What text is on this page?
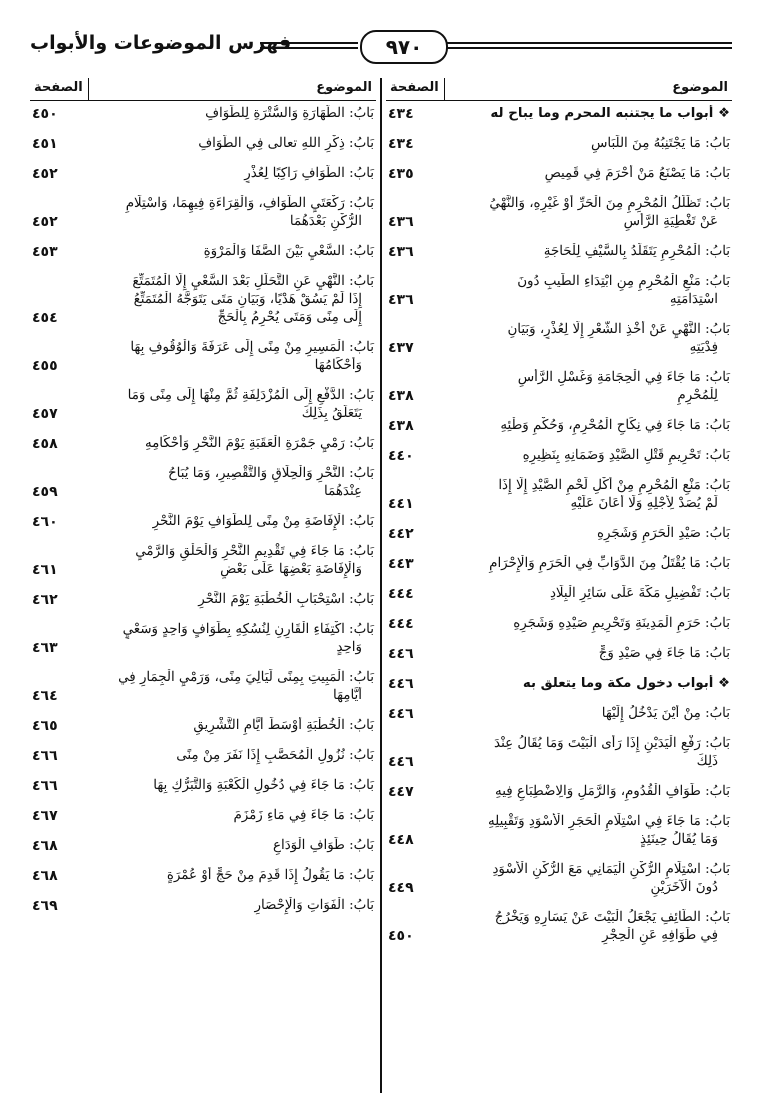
فهرس الموضوعات والأبواب	٩٧٠
الموضوع
الصفحة
❖ أبواب ما يجتنبه المحرم وما يباح له
٤٣٤
بَابُ: مَا يَجْتَنِبُهُ مِنَ اللِّبَاسِ
٤٣٤
بَابُ: مَا يَصْنَعُ مَنْ أَحْرَمَ فِي قَمِيصٍ
٤٣٥
بَابُ: تَظَلُّلُ الْمُحْرِمِ مِنَ الْحَرِّ أَوْ غَيْرِهِ، وَالنَّهْيُ
عَنْ تَغْطِيَةِ الرَّأْسِ
٤٣٦
بَابُ: الْمُحْرِمِ يَتَقَلَّدُ بِالسَّيْفِ لِلْحَاجَةِ
٤٣٦
بَابُ: مَنْعِ الْمُحْرِمِ مِنِ ابْتِدَاءِ الطِّيبِ دُونَ
اسْتِدَامَتِهِ
٤٣٦
بَابُ: النَّهْيِ عَنْ أَخْذِ الشَّعْرِ إِلَّا لِعُذْرٍ، وَبَيَانِ
فِدْيَتِهِ
٤٣٧
بَابُ: مَا جَاءَ فِي الْحِجَامَةِ وَغَسْلِ الرَّأْسِ
لِلْمُحْرِمِ
٤٣٨
بَابُ: مَا جَاءَ فِي نِكَاحِ الْمُحْرِمِ، وَحُكْمِ وَطْئِهِ
٤٣٨
بَابُ: تَحْرِيمِ قَتْلِ الصَّيْدِ وَضَمَانِهِ بِنَظِيرِهِ
٤٤٠
بَابُ: مَنْعِ الْمُحْرِمِ مِنْ أَكْلِ لَحْمِ الصَّيْدِ إِلَّا إِذَا
لَمْ يُصَدْ لِأَجْلِهِ وَلَا أَعَانَ عَلَيْهِ
٤٤١
بَابُ: صَيْدِ الْحَرَمِ وَشَجَرِهِ
٤٤٢
بَابُ: مَا يُقْتَلُ مِنَ الدَّوَابِّ فِي الْحَرَمِ وَالْإِحْرَامِ
٤٤٣
بَابُ: تَفْضِيلِ مَكَّةَ عَلَى سَائِرِ الْبِلَادِ
٤٤٤
بَابُ: حَرَمِ الْمَدِينَةِ وَتَحْرِيمِ صَيْدِهِ وَشَجَرِهِ
٤٤٤
بَابُ: مَا جَاءَ فِي صَيْدِ وَجٍّ
٤٤٦
❖ أبواب دخول مكة وما يتعلق به
٤٤٦
بَابُ: مِنْ أَيْنَ يَدْخُلُ إِلَيْهَا
٤٤٦
بَابُ: رَفْعِ الْيَدَيْنِ إِذَا رَأَى الْبَيْتَ وَمَا يُقَالُ عِنْدَ
ذَلِكَ
٤٤٦
بَابُ: طَوَافِ الْقُدُومِ، وَالرَّمَلِ وَالِاضْطِبَاعِ فِيهِ
٤٤٧
بَابُ: مَا جَاءَ فِي اسْتِلَامِ الْحَجَرِ الْأَسْوَدِ وَتَقْبِيلِهِ
وَمَا يُقَالُ حِينَئِذٍ
٤٤٨
بَابُ: اسْتِلَامِ الرُّكْنِ الْيَمَانِي مَعَ الرُّكْنِ الْأَسْوَدِ
دُونَ الْآخَرَيْنِ
٤٤٩
بَابُ: الطَّائِفِ يَجْعَلُ الْبَيْتَ عَنْ يَسَارِهِ وَيَخْرُجُ
فِي طَوَافِهِ عَنِ الْحِجْرِ
٤٥٠
الموضوع
الصفحة
بَابُ: الطَّهَارَةِ وَالسُّتْرَةِ لِلطَّوَافِ
٤٥٠
بَابُ: ذِكْرِ اللهِ تعالى فِي الطَّوَافِ
٤٥١
بَابُ: الطَّوَافِ رَاكِبًا لِعُذْرٍ
٤٥٢
بَابُ: رَكْعَتَيِ الطَّوَافِ، وَالْقِرَاءَةِ فِيهِمَا، وَاسْتِلَامِ
الرُّكْنِ بَعْدَهُمَا
٤٥٢
بَابُ: السَّعْيِ بَيْنَ الصَّفَا وَالْمَرْوَةِ
٤٥٣
بَابُ: النَّهْيِ عَنِ التَّحَلُّلِ بَعْدَ السَّعْيِ إِلَّا الْمُتَمَتِّعَ
إِذَا لَمْ يَسُقْ هَدْيًا، وَبَيَانِ مَتَى يَتَوَجَّهُ الْمُتَمَتِّعُ
إِلَى مِنًى وَمَتَى يُحْرِمُ بِالْحَجِّ
٤٥٤
بَابُ: الْمَسِيرِ مِنْ مِنًى إِلَى عَرَفَةَ وَالْوُقُوفِ بِهَا
وَأَحْكَامُهَا
٤٥٥
بَابُ: الدَّفْعِ إِلَى الْمُزْدَلِفَةِ ثُمَّ مِنْهَا إِلَى مِنًى وَمَا
يَتَعَلَّقُ بِذَلِكَ
٤٥٧
بَابُ: رَمْيِ جَمْرَةِ الْعَقَبَةِ يَوْمَ النَّحْرِ وَأَحْكَامِهِ
٤٥٨
بَابُ: النَّحْرِ وَالْحِلَاقِ وَالتَّقْصِيرِ، وَمَا يُبَاحُ
عِنْدَهُمَا
٤٥٩
بَابُ: الْإِفَاضَةِ مِنْ مِنًى لِلطَّوَافِ يَوْمَ النَّحْرِ
٤٦٠
بَابُ: مَا جَاءَ فِي تَقْدِيمِ النَّحْرِ وَالْحَلْقِ وَالرَّمْيِ
وَالْإِفَاضَةِ بَعْضِهَا عَلَى بَعْضٍ
٤٦١
بَابُ: اسْتِحْبَابِ الْخُطْبَةِ يَوْمَ النَّحْرِ
٤٦٢
بَابُ: اكْتِفَاءِ الْقَارِنِ لِنُسُكِهِ بِطَوَافٍ وَاحِدٍ وَسَعْيٍ
وَاحِدٍ
٤٦٣
بَابُ: الْمَبِيتِ بِمِنًى لَيَالِيَ مِنًى، وَرَمْيِ الْجِمَارِ فِي
أَيَّامِهَا
٤٦٤
بَابُ: الْخُطْبَةِ أَوْسَطَ أَيَّامِ التَّشْرِيقِ
٤٦٥
بَابُ: نُزُولِ الْمُحَصَّبِ إِذَا نَفَرَ مِنْ مِنًى
٤٦٦
بَابُ: مَا جَاءَ فِي دُخُولِ الْكَعْبَةِ وَالتَّبَرُّكِ بِهَا
٤٦٦
بَابُ: مَا جَاءَ فِي مَاءِ زَمْزَمَ
٤٦٧
بَابُ: طَوَافِ الْوَدَاعِ
٤٦٨
بَابُ: مَا يَقُولُ إِذَا قَدِمَ مِنْ حَجٍّ أَوْ عُمْرَةٍ
٤٦٨
بَابُ: الْفَوَاتِ وَالْإِحْصَارِ
٤٦٩
